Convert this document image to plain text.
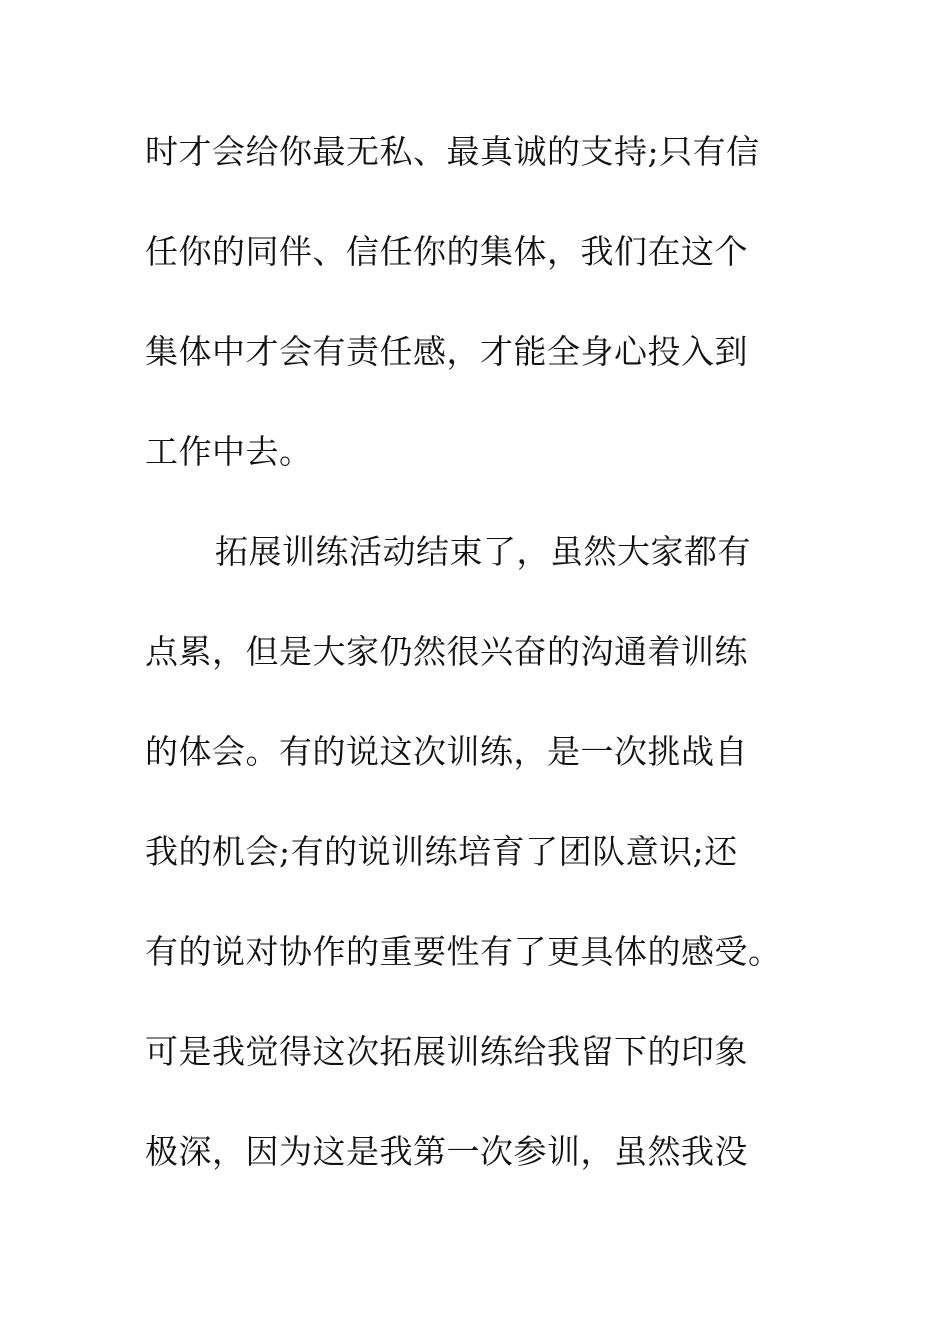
时才会给你最无私、最真诚的支持;只有信
任你的同伴、信任你的集体，我们在这个
集体中才会有责任感，才能全身心投入到
工作中去。
拓展训练活动结束了，虽然大家都有
点累，但是大家仍然很兴奋的沟通着训练
的体会。有的说这次训练，是一次挑战自
我的机会;有的说训练培育了团队意识;还
有的说对协作的重要性有了更具体的感受。
可是我觉得这次拓展训练给我留下的印象
极深，因为这是我第一次参训，虽然我没
